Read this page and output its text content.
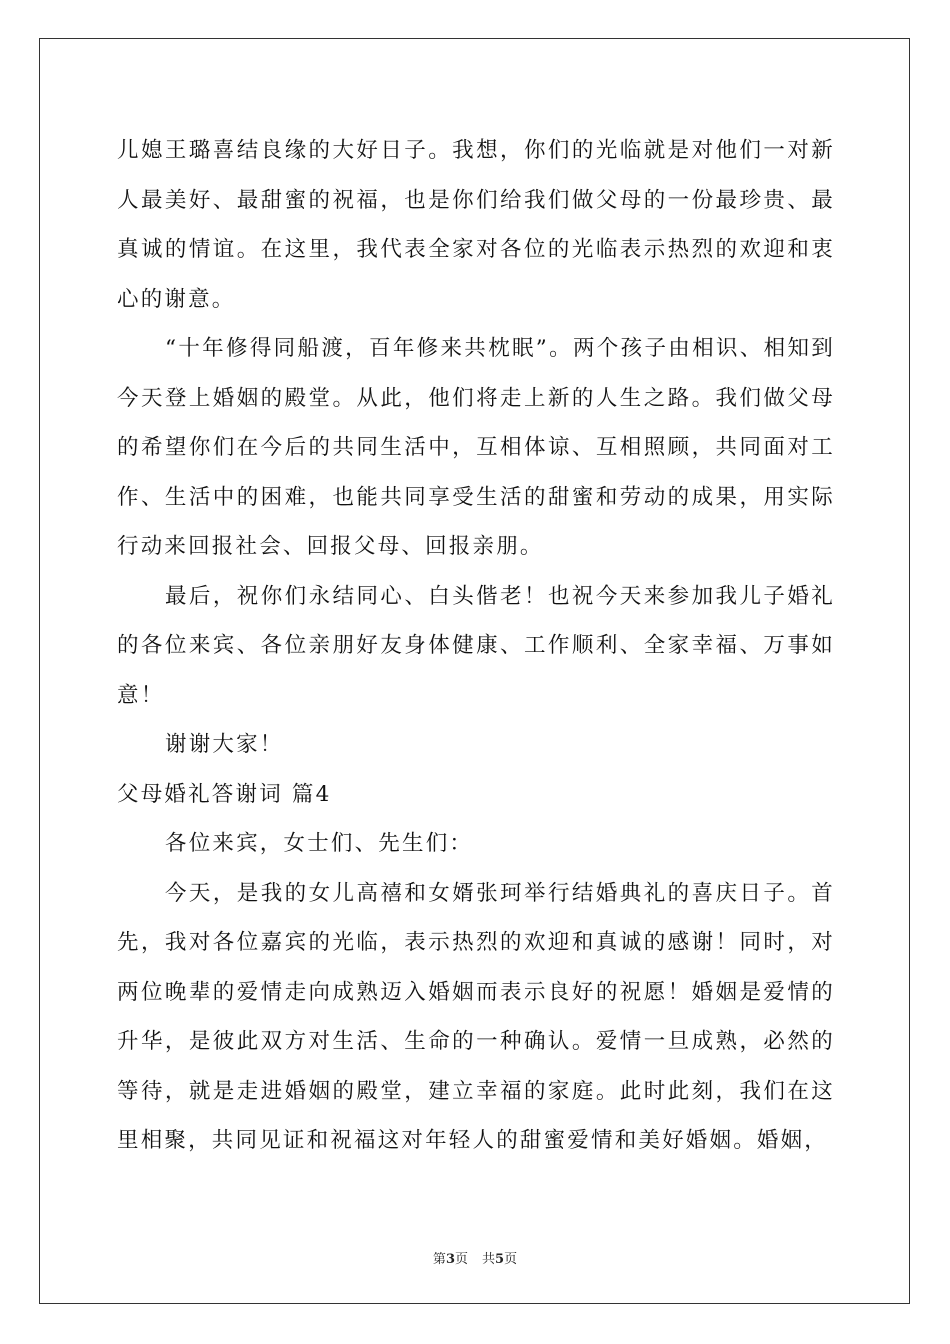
儿媳王璐喜结良缘的大好日子。我想，你们的光临就是对他们一对新人最美好、最甜蜜的祝福，也是你们给我们做父母的一份最珍贵、最真诚的情谊。在这里，我代表全家对各位的光临表示热烈的欢迎和衷心的谢意。

“十年修得同船渡，百年修来共枕眠”。两个孩子由相识、相知到今天登上婚姻的殿堂。从此，他们将走上新的人生之路。我们做父母的希望你们在今后的共同生活中，互相体谅、互相照顾，共同面对工作、生活中的困难，也能共同享受生活的甜蜜和劳动的成果，用实际行动来回报社会、回报父母、回报亲朋。

最后，祝你们永结同心、白头偕老！也祝今天来参加我儿子婚礼的各位来宾、各位亲朋好友身体健康、工作顺利、全家幸福、万事如意！

谢谢大家！

父母婚礼答谢词 篇4

各位来宾，女士们、先生们：

今天，是我的女儿高禧和女婿张珂举行结婚典礼的喜庆日子。首先，我对各位嘉宾的光临，表示热烈的欢迎和真诚的感谢！同时，对两位晚辈的爱情走向成熟迈入婚姻而表示良好的祝愿！婚姻是爱情的升华，是彼此双方对生活、生命的一种确认。爱情一旦成熟，必然的等待，就是走进婚姻的殿堂，建立幸福的家庭。此时此刻，我们在这里相聚，共同见证和祝福这对年轻人的甜蜜爱情和美好婚姻。婚姻，

第3页 共5页
